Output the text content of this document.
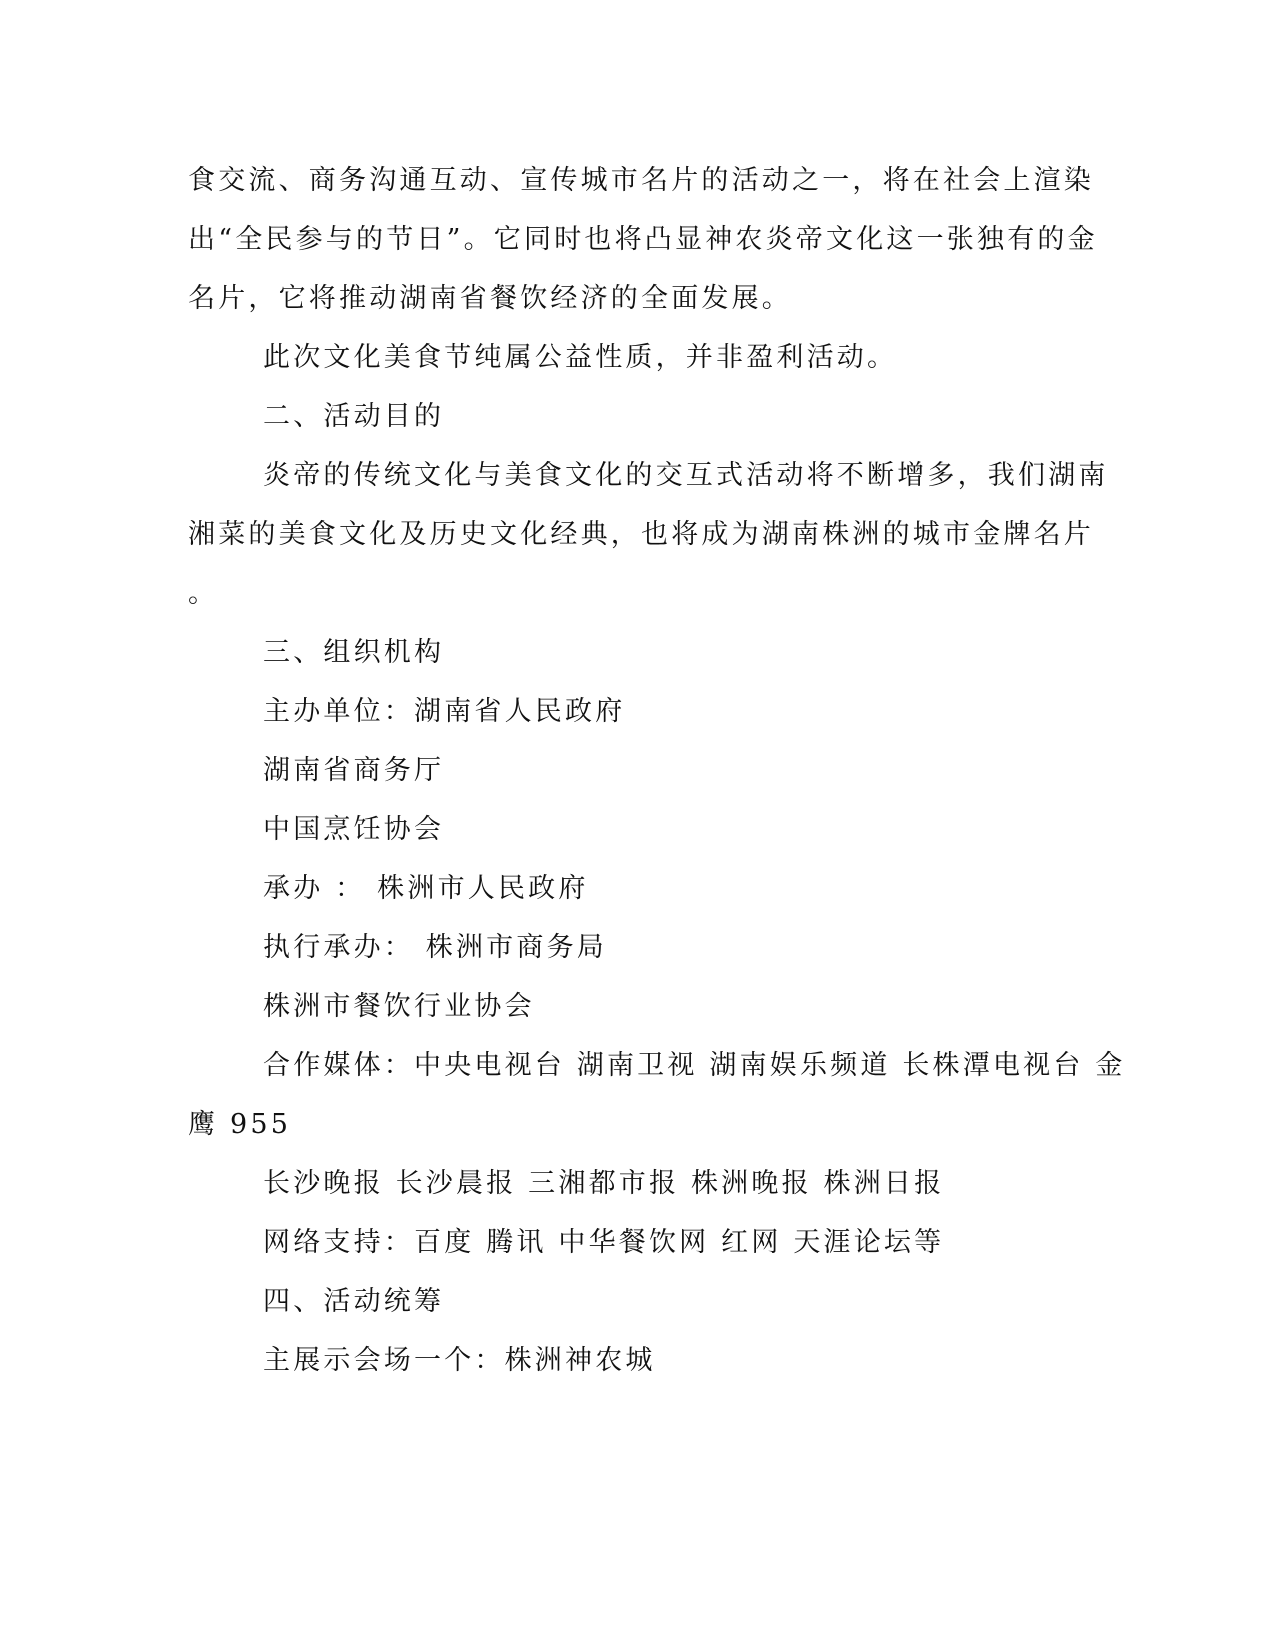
食交流、商务沟通互动、宣传城市名片的活动之一，将在社会上渲染
出“全民参与的节日”。它同时也将凸显神农炎帝文化这一张独有的金
名片，它将推动湖南省餐饮经济的全面发展。
此次文化美食节纯属公益性质，并非盈利活动。
二、活动目的
炎帝的传统文化与美食文化的交互式活动将不断增多，我们湖南
湘菜的美食文化及历史文化经典，也将成为湖南株洲的城市金牌名片
。
三、组织机构
主办单位：湖南省人民政府
湖南省商务厅
中国烹饪协会
承办 ： 株洲市人民政府
执行承办： 株洲市商务局
株洲市餐饮行业协会
合作媒体：中央电视台 湖南卫视 湖南娱乐频道 长株潭电视台 金
鹰 955
长沙晚报 长沙晨报 三湘都市报 株洲晚报 株洲日报
网络支持：百度 腾讯 中华餐饮网 红网 天涯论坛等
四、活动统筹
主展示会场一个：株洲神农城
